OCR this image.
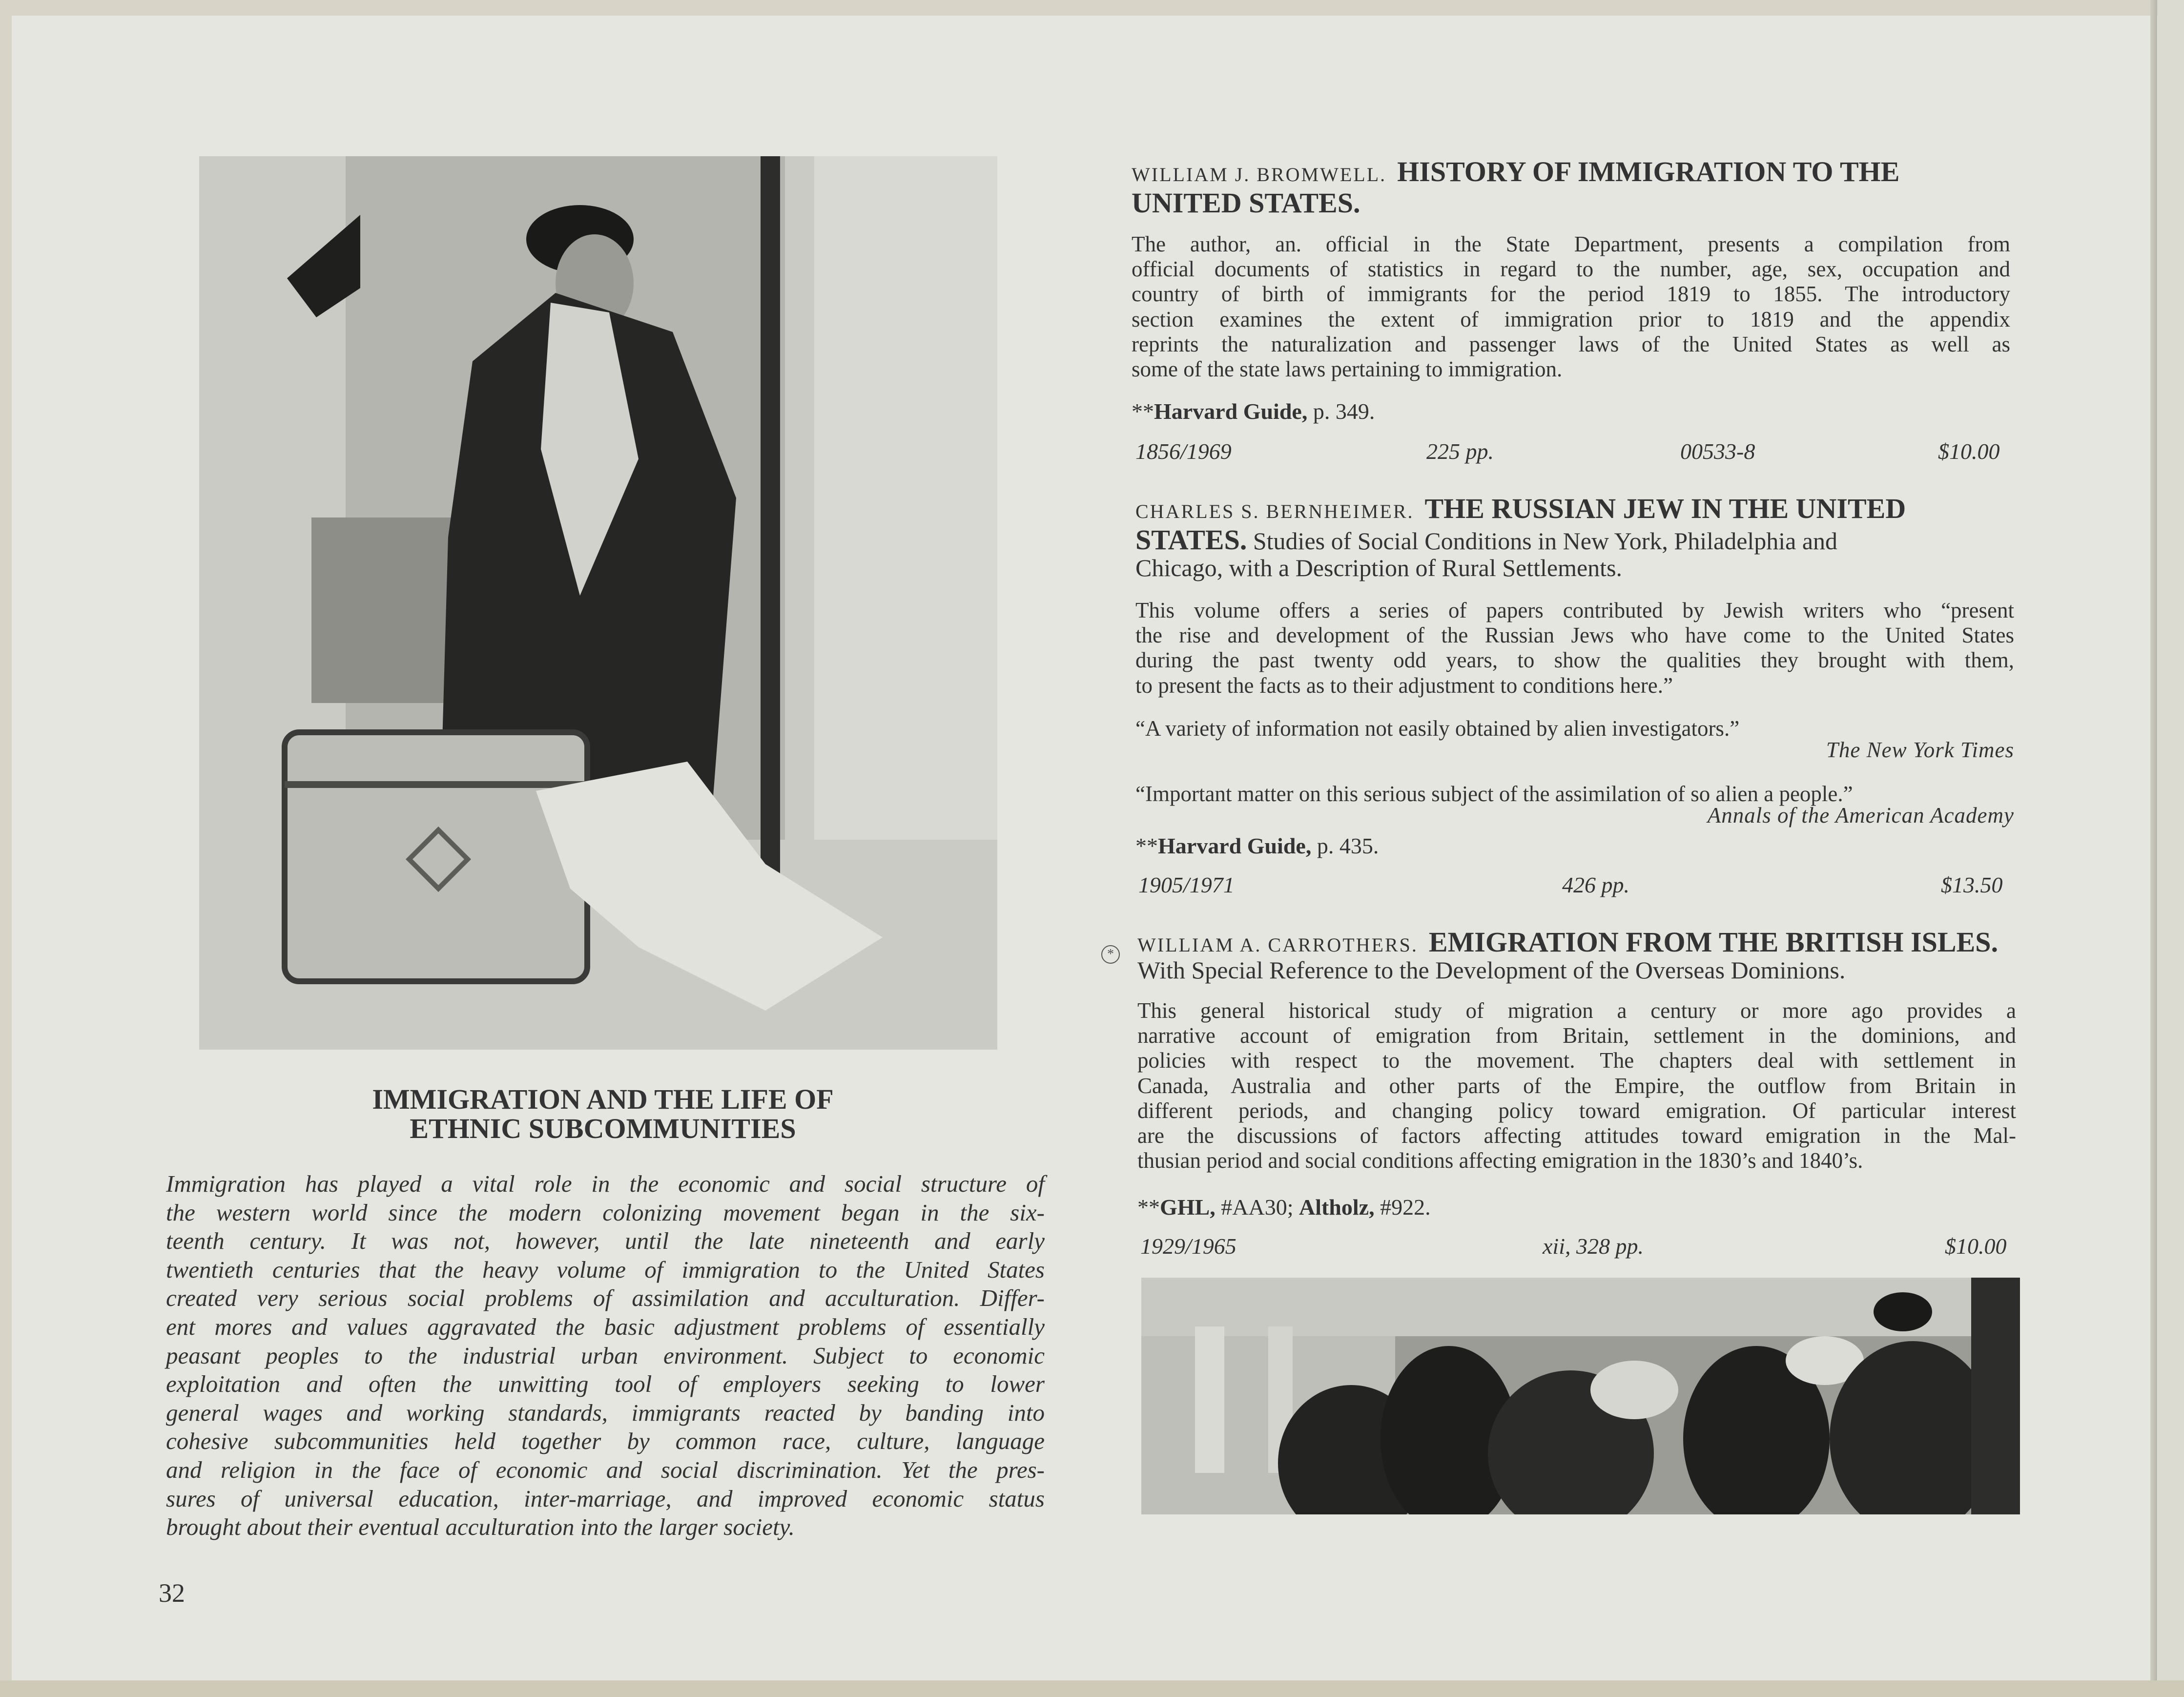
IMMIGRATION AND THE LIFE OF
ETHNIC SUBCOMMUNITIES
Immigration has played a vital role in the economic and social structure of
the western world since the modern colonizing movement began in the six-
teenth century. It was not, however, until the late nineteenth and early
twentieth centuries that the heavy volume of immigration to the United States
created very serious social problems of assimilation and acculturation. Differ-
ent mores and values aggravated the basic adjustment problems of essentially
peasant peoples to the industrial urban environment. Subject to economic
exploitation and often the unwitting tool of employers seeking to lower
general wages and working standards, immigrants reacted by banding into
cohesive subcommunities held together by common race, culture, language
and religion in the face of economic and social discrimination. Yet the pres-
sures of universal education, inter-marriage, and improved economic status
brought about their eventual acculturation into the larger society.
32
WILLIAM J. BROMWELL. HISTORY OF IMMIGRATION TO THE
UNITED STATES.
The author, an. official in the State Department, presents a compilation from
official documents of statistics in regard to the number, age, sex, occupation and
country of birth of immigrants for the period 1819 to 1855. The introductory
section examines the extent of immigration prior to 1819 and the appendix
reprints the naturalization and passenger laws of the United States as well as
some of the state laws pertaining to immigration.
**Harvard Guide, p. 349.
1856/1969	225 pp.	00533-8	$10.00
CHARLES S. BERNHEIMER. THE RUSSIAN JEW IN THE UNITED
STATES. Studies of Social Conditions in New York, Philadelphia and
Chicago, with a Description of Rural Settlements.
This volume offers a series of papers contributed by Jewish writers who “present
the rise and development of the Russian Jews who have come to the United States
during the past twenty odd years, to show the qualities they brought with them,
to present the facts as to their adjustment to conditions here.”
“A variety of information not easily obtained by alien investigators.”
The New York Times
“Important matter on this serious subject of the assimilation of so alien a people.”
Annals of the American Academy
**Harvard Guide, p. 435.
1905/1971	426 pp.	$13.50
*	WILLIAM A. CARROTHERS. EMIGRATION FROM THE BRITISH ISLES.
With Special Reference to the Development of the Overseas Dominions.
This general historical study of migration a century or more ago provides a
narrative account of emigration from Britain, settlement in the dominions, and
policies with respect to the movement. The chapters deal with settlement in
Canada, Australia and other parts of the Empire, the outflow from Britain in
different periods, and changing policy toward emigration. Of particular interest
are the discussions of factors affecting attitudes toward emigration in the Mal-
thusian period and social conditions affecting emigration in the 1830’s and 1840’s.
**GHL, #AA30; Altholz, #922.
1929/1965	xii, 328 pp.	$10.00
